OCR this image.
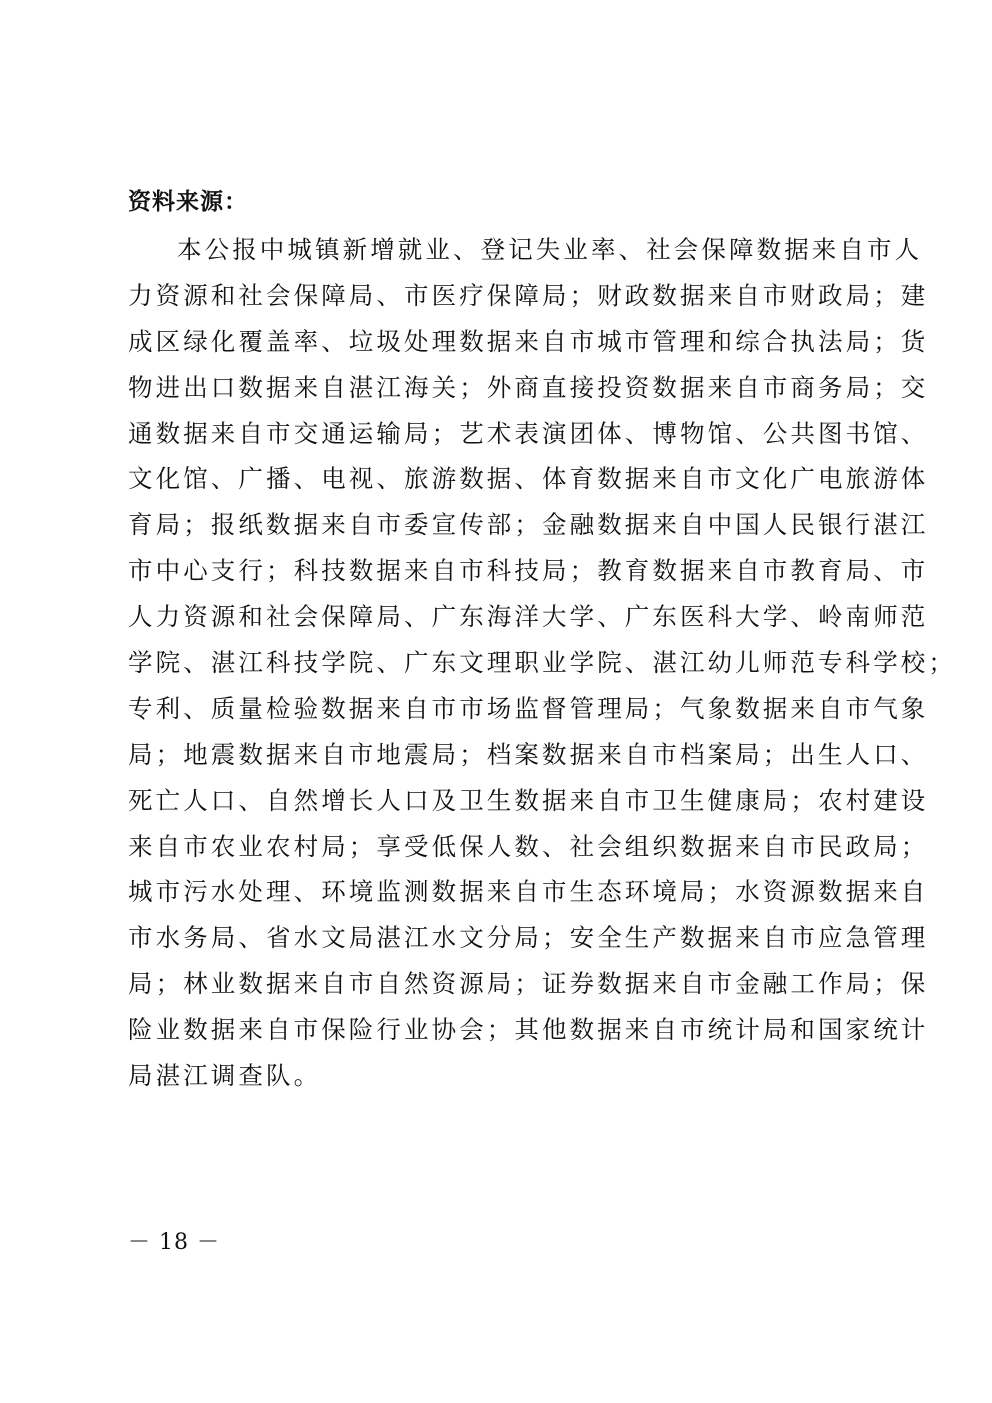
资料来源：
本公报中城镇新增就业、登记失业率、社会保障数据来自市人
力资源和社会保障局、市医疗保障局；财政数据来自市财政局；建
成区绿化覆盖率、垃圾处理数据来自市城市管理和综合执法局；货
物进出口数据来自湛江海关；外商直接投资数据来自市商务局；交
通数据来自市交通运输局；艺术表演团体、博物馆、公共图书馆、
文化馆、广播、电视、旅游数据、体育数据来自市文化广电旅游体
育局；报纸数据来自市委宣传部；金融数据来自中国人民银行湛江
市中心支行；科技数据来自市科技局；教育数据来自市教育局、市
人力资源和社会保障局、广东海洋大学、广东医科大学、岭南师范
学院、湛江科技学院、广东文理职业学院、湛江幼儿师范专科学校；
专利、质量检验数据来自市市场监督管理局；气象数据来自市气象
局；地震数据来自市地震局；档案数据来自市档案局；出生人口、
死亡人口、自然增长人口及卫生数据来自市卫生健康局；农村建设
来自市农业农村局；享受低保人数、社会组织数据来自市民政局；
城市污水处理、环境监测数据来自市生态环境局；水资源数据来自
市水务局、省水文局湛江水文分局；安全生产数据来自市应急管理
局；林业数据来自市自然资源局；证券数据来自市金融工作局；保
险业数据来自市保险行业协会；其他数据来自市统计局和国家统计
局湛江调查队。
－ 18 －
